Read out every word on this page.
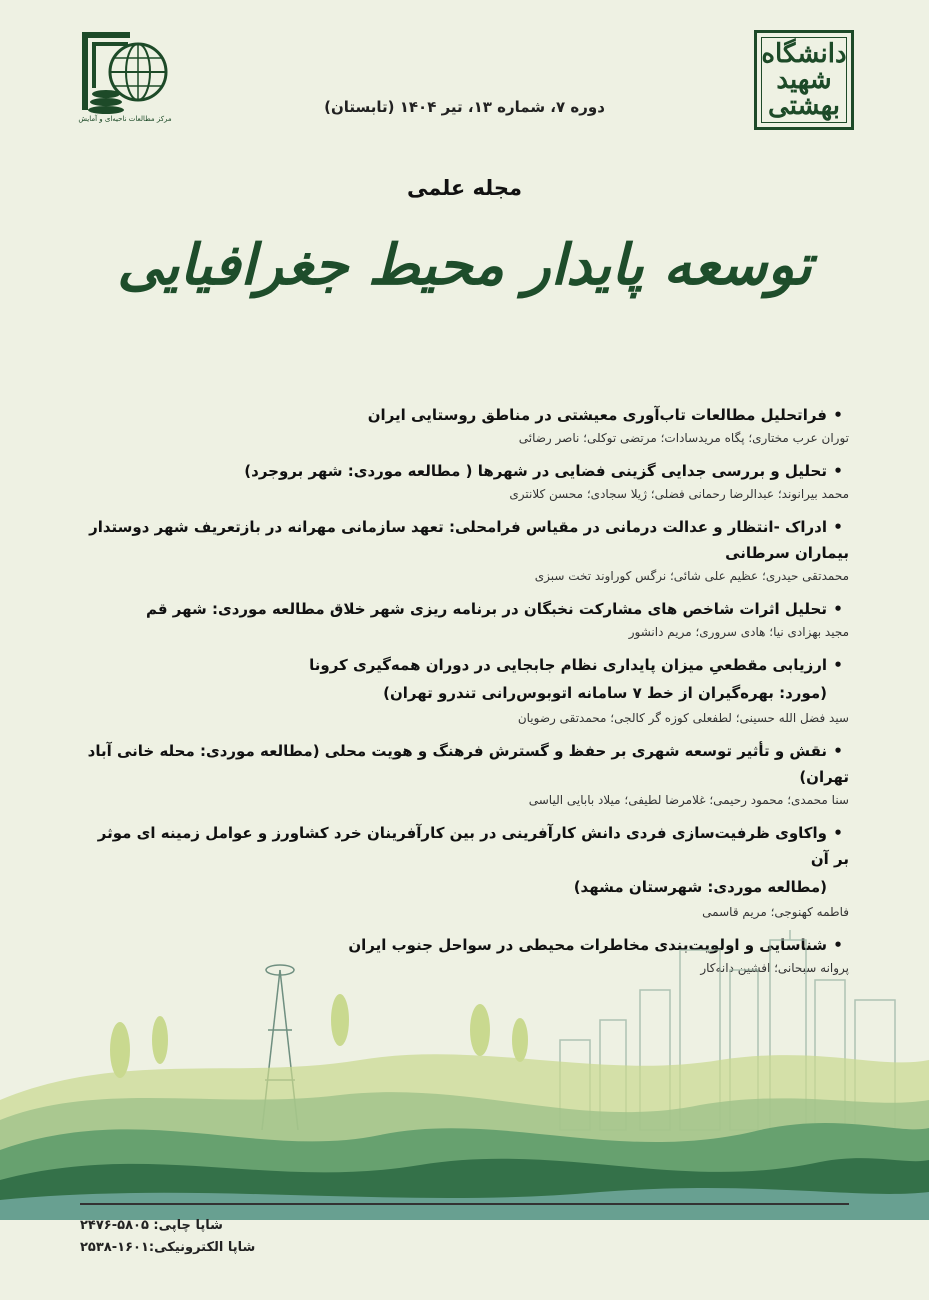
مرکز مطالعات ناحیه‌ای و آمایش
دانشگاه شهید بهشتی
دوره ۷، شماره ۱۳، تیر ۱۴۰۴ (تابستان)
مجله علمی
توسعه پایدار محیط جغرافیایی
•فراتحلیل مطالعات تاب‌آوری معیشتی در مناطق روستایی ایران
توران عرب مختاری؛ پگاه مریدسادات؛ مرتضی توکلی؛ ناصر رضائی
•تحلیل و بررسی جدایی گزینی فضایی در شهرها ( مطالعه موردی: شهر بروجرد)
محمد بیرانوند؛ عبدالرضا رحمانی فضلی؛ ژیلا سجادی؛ محسن کلانتری
•ادراک -انتظار و عدالت درمانی در مقیاس فرامحلی: تعهد سازمانی مهرانه در بازتعریف شهر دوستدار بیماران سرطانی
محمدتقی حیدری؛ عظیم علی شائی؛ نرگس کوراوند تخت سبزی
•تحلیل اثرات شاخص های مشارکت نخبگان در برنامه ریزی شهر خلاق مطالعه موردی: شهر قم
مجید بهزادی نیا؛ هادی سروری؛ مریم دانشور
•ارزیابی مقطعیِ میزان پایداری نظام جابجایی در دوران همه‌گیری کرونا
(مورد: بهره‌گیران از خط ۷ سامانه اتوبوس‌رانی تندرو تهران)
سید فضل الله حسینی؛ لطفعلی کوزه گر کالجی؛ محمدتقی رضویان
•نقش و تأثیر توسعه شهری بر حفظ و گسترش فرهنگ و هویت محلی (مطالعه موردی: محله خانی آباد تهران)
سنا محمدی؛ محمود رحیمی؛ غلامرضا لطیفی؛ میلاد بابایی الیاسی
•واکاوی ظرفیت‌سازی فردی دانش کارآفرینی در بین کارآفرینان خرد کشاورز و عوامل زمینه ای موثر بر آن
(مطالعه موردی: شهرستان مشهد)
فاطمه کهنوجی؛ مریم قاسمی
•شناسایی و اولویت‌بندی مخاطرات محیطی در سواحل جنوب ایران
پروانه سبحانی؛ افشین دانه‌کار
شاپا چاپی: ۵۸۰۵-۲۴۷۶
شاپا الکترونیکی:۱۶۰۱-۲۵۳۸
